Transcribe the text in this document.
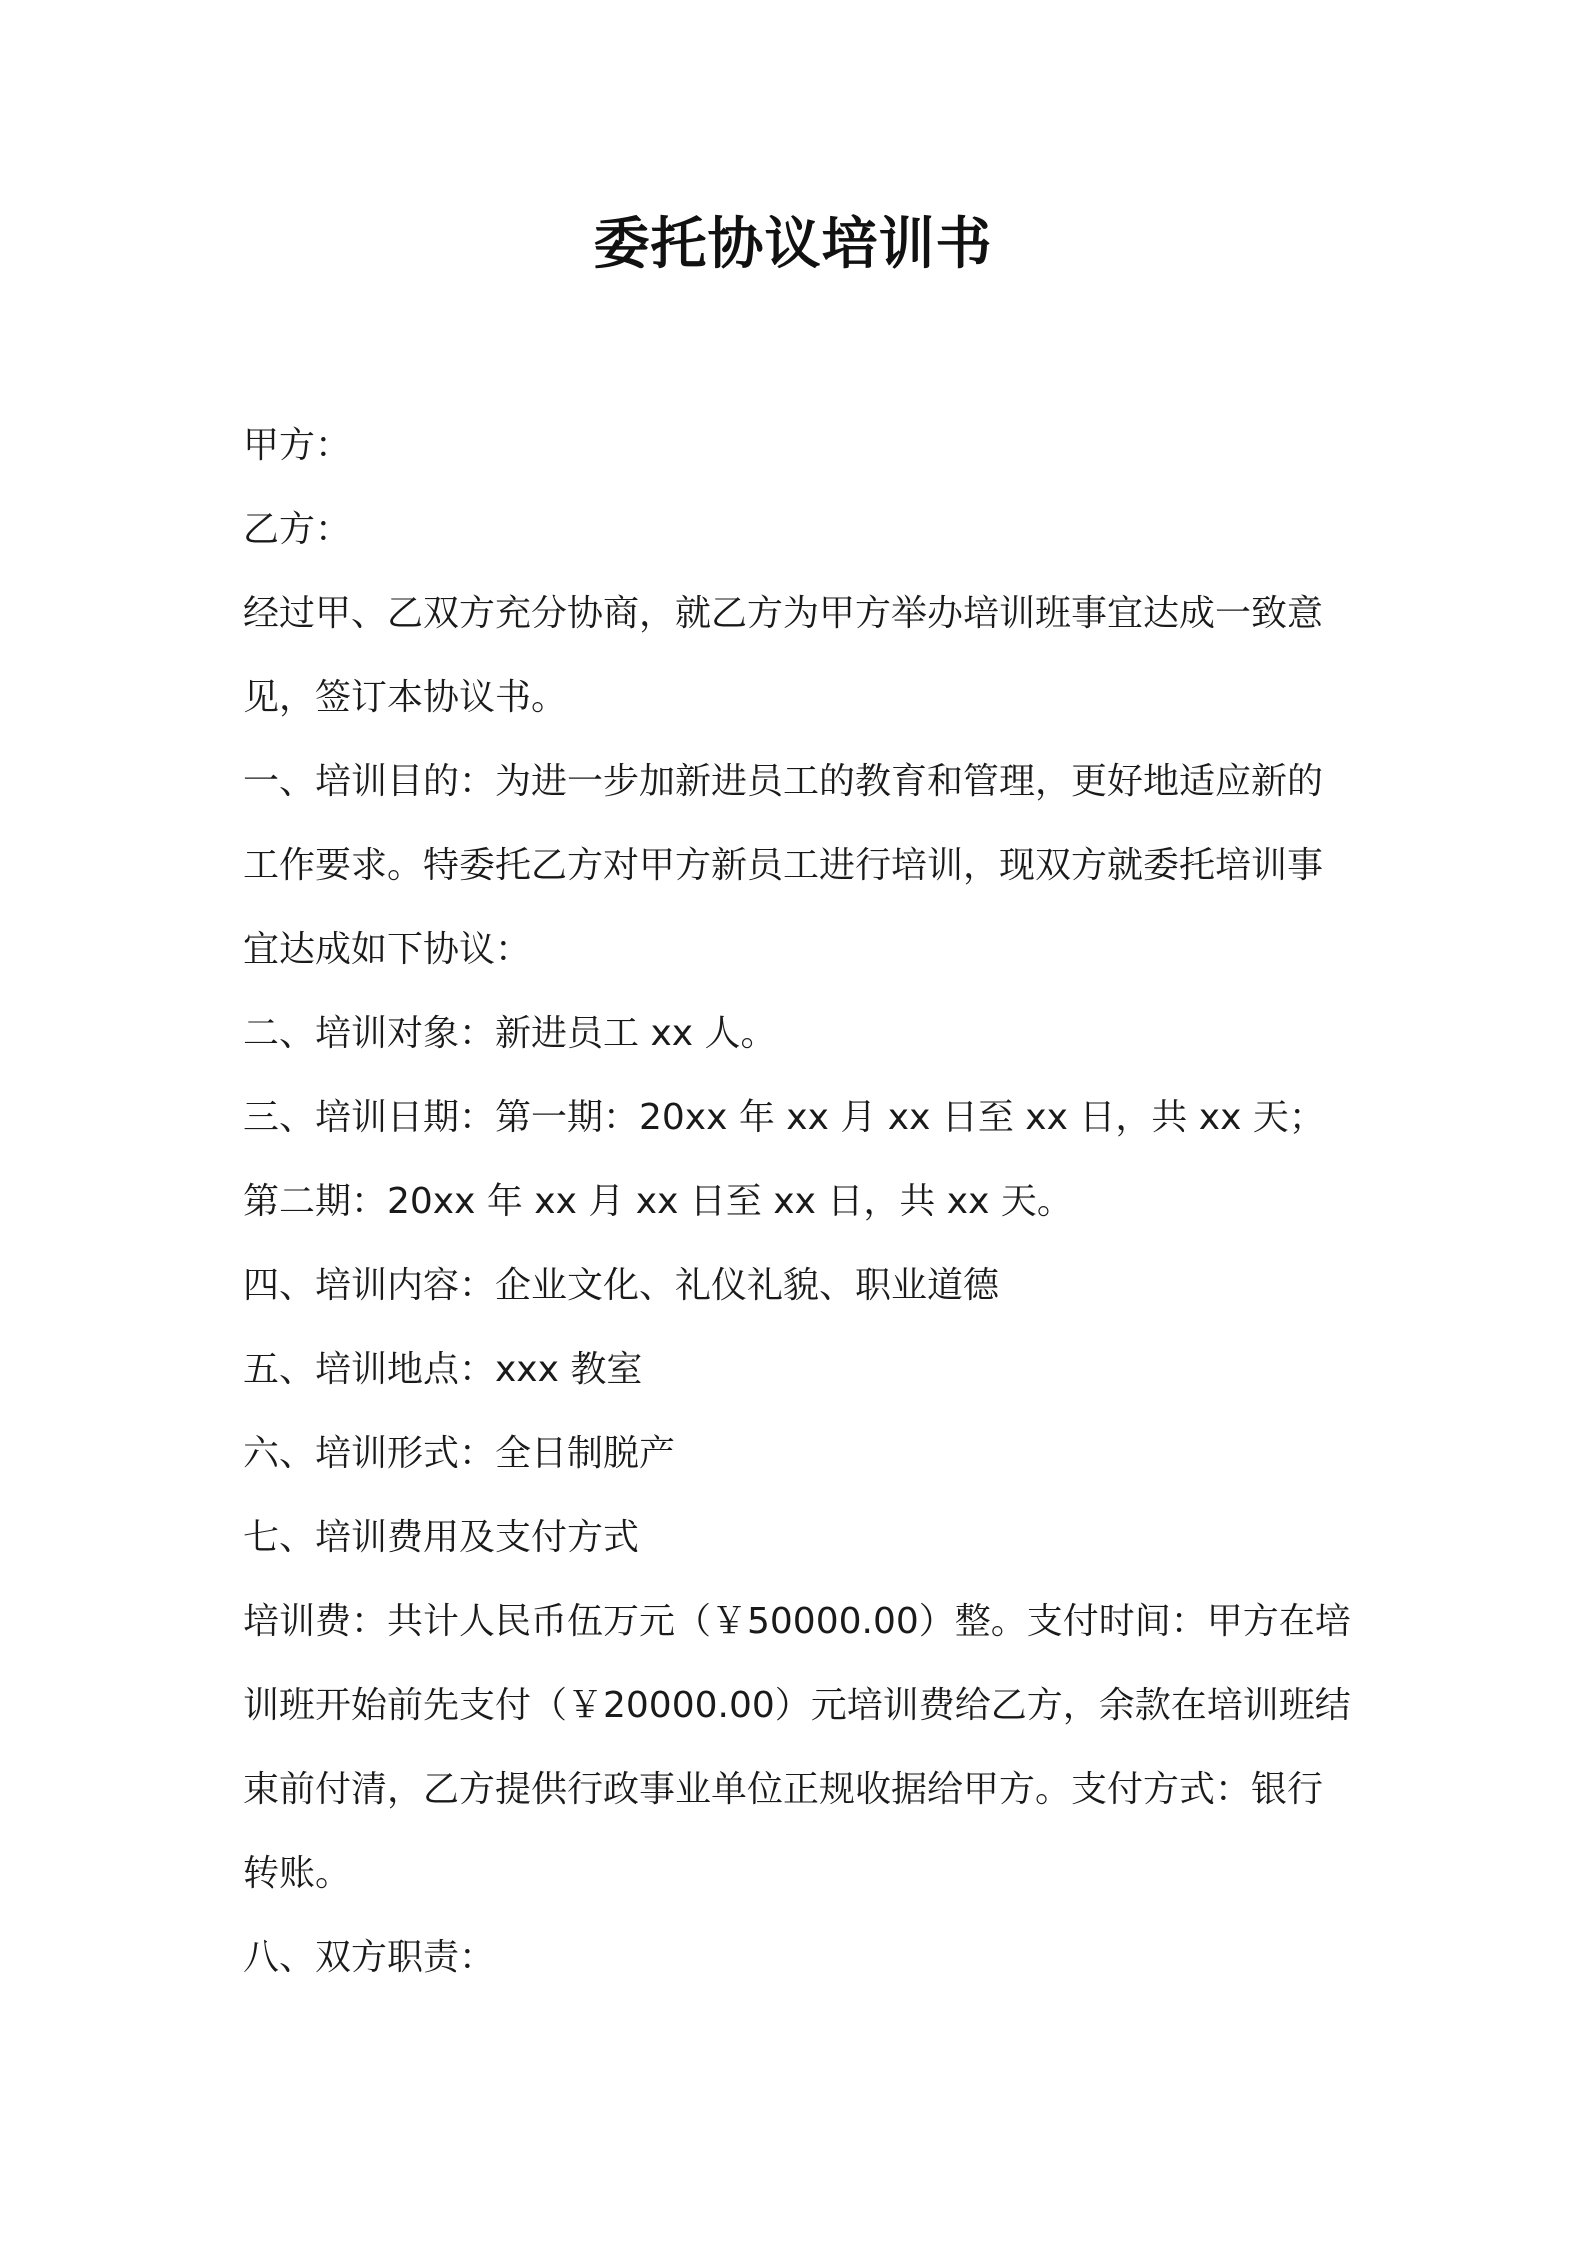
委托协议培训书

甲方：

乙方：

经过甲、乙双方充分协商，就乙方为甲方举办培训班事宜达成一致意见，签订本协议书。

一、培训目的：为进一步加新进员工的教育和管理，更好地适应新的工作要求。特委托乙方对甲方新员工进行培训，现双方就委托培训事宜达成如下协议：

二、培训对象：新进员工 xx 人。

三、培训日期：第一期：20xx 年 xx 月 xx 日至 xx 日，共 xx 天；第二期：20xx 年 xx 月 xx 日至 xx 日，共 xx 天。

四、培训内容：企业文化、礼仪礼貌、职业道德

五、培训地点：xxx 教室

六、培训形式：全日制脱产

七、培训费用及支付方式

培训费：共计人民币伍万元（￥50000.00）整。支付时间：甲方在培训班开始前先支付（￥20000.00）元培训费给乙方，余款在培训班结束前付清，乙方提供行政事业单位正规收据给甲方。支付方式：银行转账。

八、双方职责：
